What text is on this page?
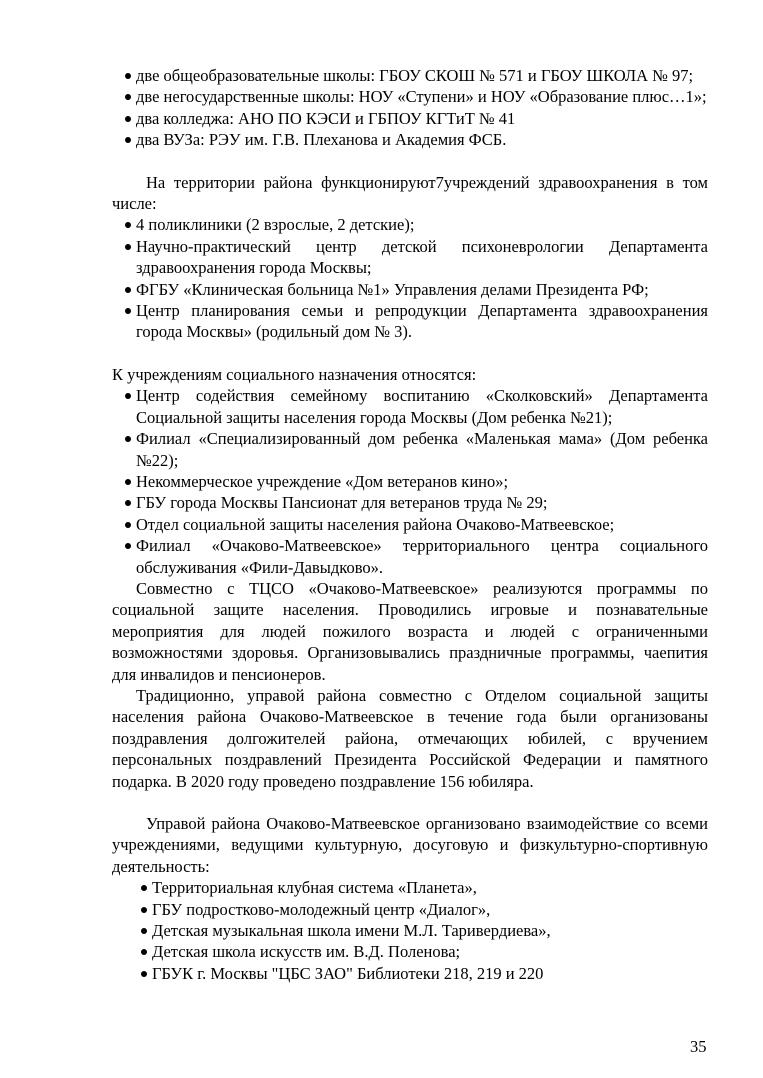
две общеобразовательные школы: ГБОУ СКОШ № 571 и ГБОУ ШКОЛА № 97;
две негосударственные школы: НОУ «Ступени» и НОУ «Образование плюс…1»;
два колледжа: АНО ПО КЭСИ и ГБПОУ КГТиТ № 41
два ВУЗа: РЭУ им. Г.В. Плеханова и Академия ФСБ.

На территории района функционируют7учреждений здравоохранения в том числе:

4 поликлиники (2 взрослые, 2 детские);
Научно-практический центр детской психоневрологии Департамента здравоохранения города Москвы;
ФГБУ «Клиническая больница №1» Управления делами Президента РФ;
Центр планирования семьи и репродукции Департамента здравоохранения города Москвы» (родильный дом № 3).

К учреждениям социального назначения относятся:

Центр содействия семейному воспитанию «Сколковский» Департамента Социальной защиты населения города Москвы (Дом ребенка №21);
Филиал «Специализированный дом ребенка «Маленькая мама» (Дом ребенка №22);
Некоммерческое учреждение «Дом ветеранов кино»;
ГБУ города Москвы Пансионат для ветеранов труда № 29;
Отдел социальной защиты населения района Очаково-Матвеевское;
Филиал «Очаково-Матвеевское» территориального центра социального обслуживания «Фили-Давыдково».

Совместно с ТЦСО «Очаково-Матвеевское» реализуются программы по социальной защите населения. Проводились игровые и познавательные мероприятия для людей пожилого возраста и людей с ограниченными возможностями здоровья. Организовывались праздничные программы, чаепития для инвалидов и пенсионеров.

Традиционно, управой района совместно с Отделом социальной защиты населения района Очаково-Матвеевское в течение года были организованы поздравления долгожителей района, отмечающих юбилей, с вручением персональных поздравлений Президента Российской Федерации и памятного подарка. В 2020 году проведено поздравление 156 юбиляра.

Управой района Очаково-Матвеевское организовано взаимодействие со всеми учреждениями, ведущими культурную, досуговую и физкультурно-спортивную деятельность:

Территориальная клубная система «Планета»,
ГБУ подростково-молодежный центр «Диалог»,
Детская музыкальная школа имени М.Л. Таривердиева»,
Детская школа искусств им. В.Д. Поленова;
ГБУК г. Москвы "ЦБС ЗАО" Библиотеки 218, 219 и 220
35
